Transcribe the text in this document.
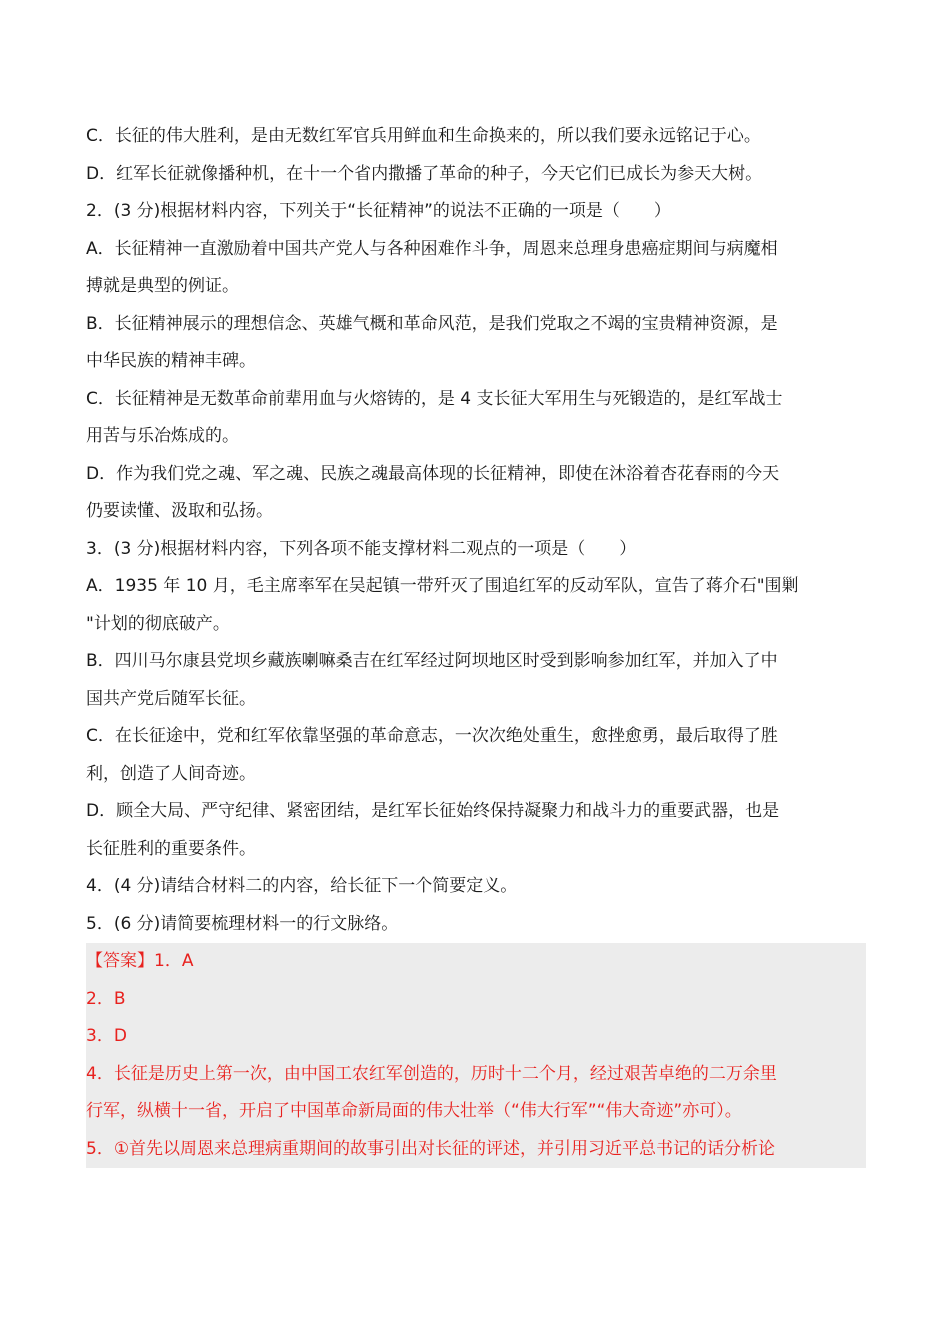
C．长征的伟大胜利，是由无数红军官兵用鲜血和生命换来的，所以我们要永远铭记于心。
D．红军长征就像播种机，在十一个省内撒播了革命的种子，今天它们已成长为参天大树。
2．(3 分)根据材料内容，下列关于“长征精神”的说法不正确的一项是（　　）
A．长征精神一直激励着中国共产党人与各种困难作斗争，周恩来总理身患癌症期间与病魔相
搏就是典型的例证。
B．长征精神展示的理想信念、英雄气概和革命风范，是我们党取之不竭的宝贵精神资源，是
中华民族的精神丰碑。
C．长征精神是无数革命前辈用血与火熔铸的，是 4 支长征大军用生与死锻造的，是红军战士
用苦与乐冶炼成的。
D．作为我们党之魂、军之魂、民族之魂最高体现的长征精神，即使在沐浴着杏花春雨的今天
仍要读懂、汲取和弘扬。
3．(3 分)根据材料内容，下列各项不能支撑材料二观点的一项是（　　）
A．1935 年 10 月，毛主席率军在吴起镇一带歼灭了围追红军的反动军队，宣告了蒋介石"围剿
"计划的彻底破产。
B．四川马尔康县党坝乡藏族喇嘛桑吉在红军经过阿坝地区时受到影响参加红军，并加入了中
国共产党后随军长征。
C．在长征途中，党和红军依靠坚强的革命意志，一次次绝处重生，愈挫愈勇，最后取得了胜
利，创造了人间奇迹。
D．顾全大局、严守纪律、紧密团结，是红军长征始终保持凝聚力和战斗力的重要武器，也是
长征胜利的重要条件。
4．(4 分)请结合材料二的内容，给长征下一个简要定义。
5．(6 分)请简要梳理材料一的行文脉络。
【答案】1．A
2．B
3．D
4．长征是历史上第一次，由中国工农红军创造的，历时十二个月，经过艰苦卓绝的二万余里
行军，纵横十一省，开启了中国革命新局面的伟大壮举（“伟大行军”“伟大奇迹”亦可）。
5．①首先以周恩来总理病重期间的故事引出对长征的评述，并引用习近平总书记的话分析论
